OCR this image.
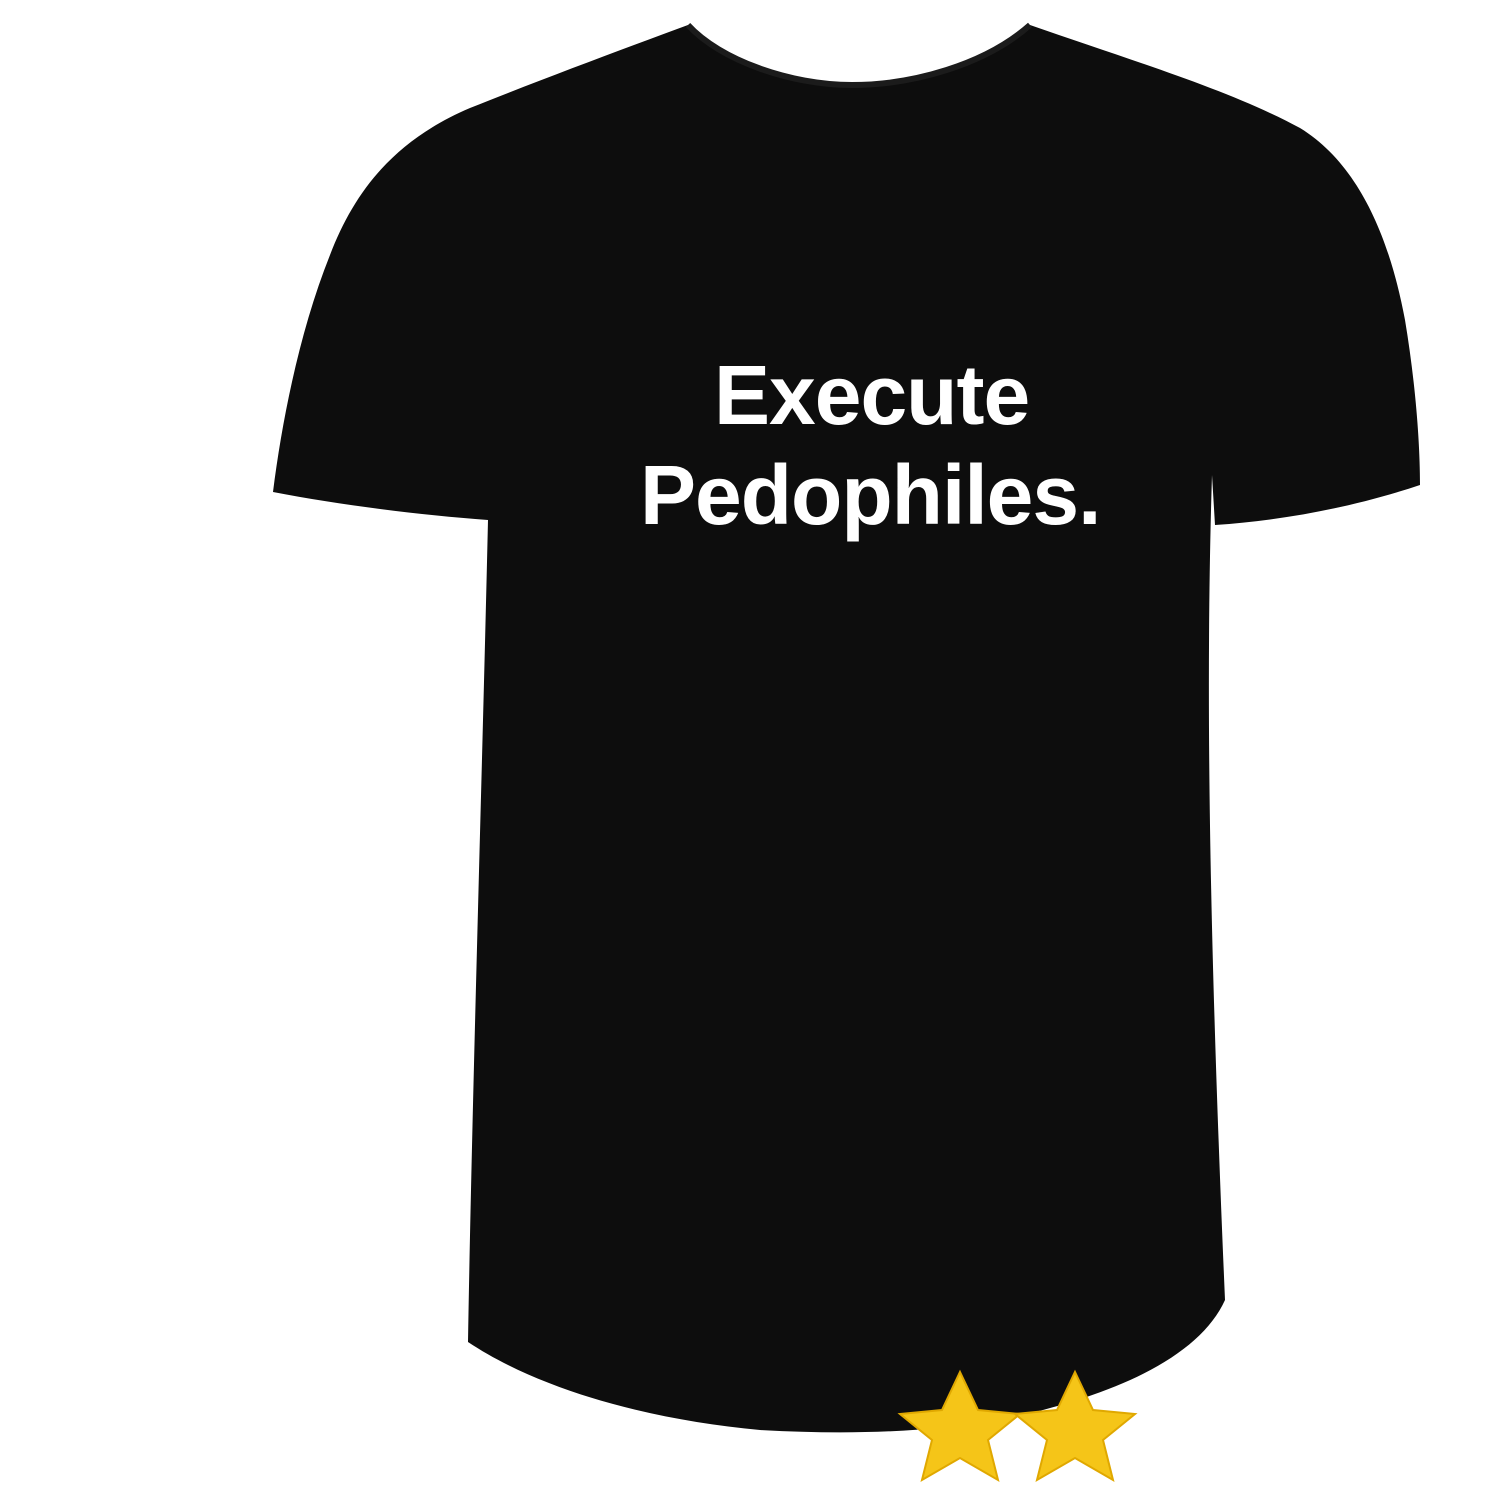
Execute
Pedophiles.
